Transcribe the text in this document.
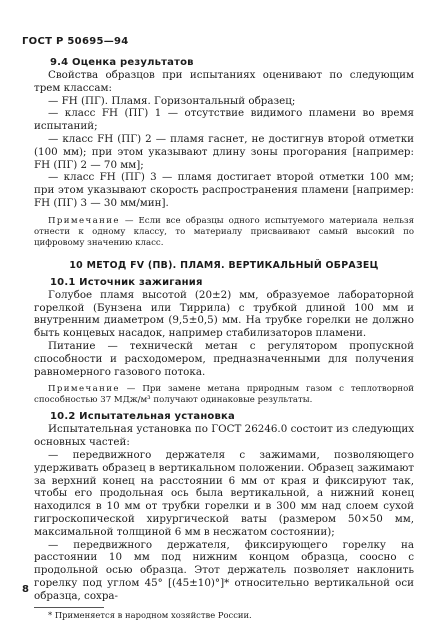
ГОСТ Р 50695—94

9.4 Оценка результатов

Свойства образцов при испытаниях оценивают по следующим трем классам:

— FH (ПГ). Пламя. Горизонтальный образец;

— класс FH (ПГ) 1 — отсутствие видимого пламени во время испытаний;

— класс FH (ПГ) 2 — пламя гаснет, не достигнув второй отметки (100 мм); при этом указывают длину зоны прогорания [например: FH (ПГ) 2 — 70 мм];

— класс FH (ПГ) 3 — пламя достигает второй отметки 100 мм; при этом указывают скорость распространения пламени [например: FH (ПГ) 3 — 30 мм/мин].

Примечание — Если все образцы одного испытуемого материала нельзя отнести к одному классу, то материалу присваивают самый высокий по цифровому значению класс.

10 МЕТОД FV (ПВ). ПЛАМЯ. ВЕРТИКАЛЬНЫЙ ОБРАЗЕЦ

10.1 Источник зажигания

Голубое пламя высотой (20±2) мм, образуемое лабораторной горелкой (Бунзена или Тиррила) с трубкой длиной 100 мм и внутренним диаметром (9,5±0,5) мм. На трубке горелки не должно быть концевых насадок, например стабилизаторов пламени.

Питание — техническй метан с регулятором пропускной способности и расходомером, предназначенными для получения равномерного газового потока.

Примечание — При замене метана природным газом с теплотворной способностью 37 МДж/м³ получают одинаковые результаты.

10.2 Испытательная установка

Испытательная установка по ГОСТ 26246.0 состоит из следующих основных частей:

— передвижного держателя с зажимами, позволяющего удерживать образец в вертикальном положении. Образец зажимают за верхний конец на расстоянии 6 мм от края и фиксируют так, чтобы его продольная ось была вертикальной, а нижний конец находился в 10 мм от трубки горелки и в 300 мм над слоем сухой гигроскопической хирургической ваты (размером 50×50 мм, максимальной толщиной 6 мм в несжатом состоянии);

— передвижного держателя, фиксирующего горелку на расстоянии 10 мм под нижним концом образца, соосно с продольной осью образца. Этот держатель позволяет наклонить горелку под углом 45° [(45±10)°]* относительно вертикальной оси образца, сохра-

* Применяется в народном хозяйстве России.

8
